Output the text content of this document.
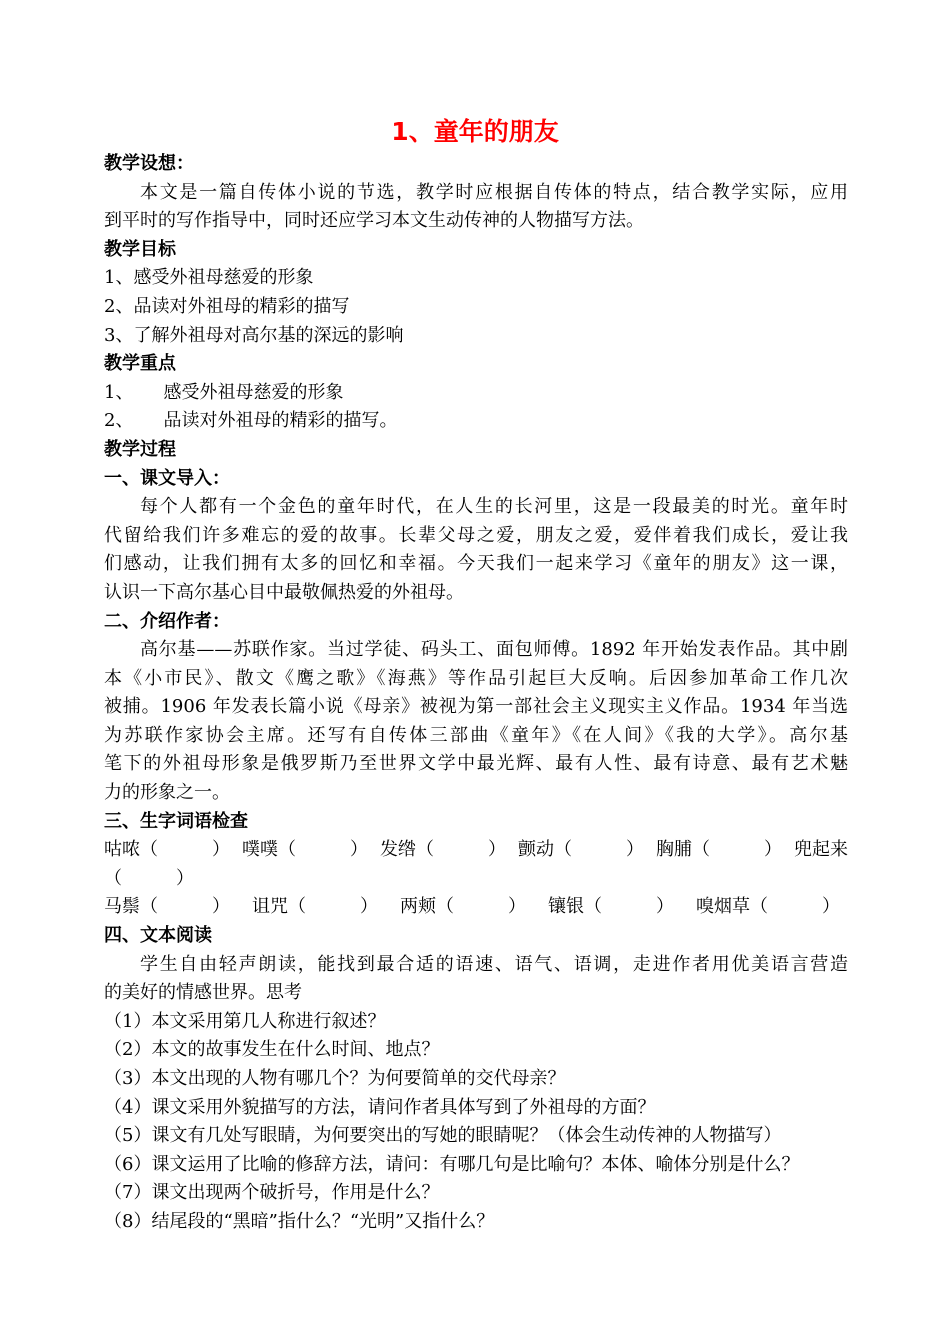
1、童年的朋友
教学设想：
本文是一篇自传体小说的节选，教学时应根据自传体的特点，结合教学实际，应用
到平时的写作指导中，同时还应学习本文生动传神的人物描写方法。
教学目标
1、感受外祖母慈爱的形象
2、品读对外祖母的精彩的描写
3、了解外祖母对高尔基的深远的影响
教学重点
1、 感受外祖母慈爱的形象
2、 品读对外祖母的精彩的描写。
教学过程
一、课文导入：
每个人都有一个金色的童年时代，在人生的长河里，这是一段最美的时光。童年时
代留给我们许多难忘的爱的故事。长辈父母之爱，朋友之爱，爱伴着我们成长，爱让我
们感动，让我们拥有太多的回忆和幸福。今天我们一起来学习《童年的朋友》这一课，
认识一下高尔基心目中最敬佩热爱的外祖母。
二、介绍作者：
高尔基——苏联作家。当过学徒、码头工、面包师傅。1892 年开始发表作品。其中剧
本《小市民》、散文《鹰之歌》《海燕》等作品引起巨大反响。后因参加革命工作几次
被捕。1906 年发表长篇小说《母亲》被视为第一部社会主义现实主义作品。1934 年当选
为苏联作家协会主席。还写有自传体三部曲《童年》《在人间》《我的大学》。高尔基
笔下的外祖母形象是俄罗斯乃至世界文学中最光辉、最有人性、最有诗意、最有艺术魅
力的形象之一。
三、生字词语检查
咕哝（　　　） 噗噗（　　　） 发绺（　　　） 颤动（　　　） 胸脯（　　　） 兜起来
（　　　）
马鬃（　　　） 诅咒（　　　） 两颊（　　　） 镶银（　　　） 嗅烟草（　　　）
四、文本阅读
学生自由轻声朗读，能找到最合适的语速、语气、语调，走进作者用优美语言营造
的美好的情感世界。思考
（1）本文采用第几人称进行叙述？
（2）本文的故事发生在什么时间、地点？
（3）本文出现的人物有哪几个？为何要简单的交代母亲？
（4）课文采用外貌描写的方法，请问作者具体写到了外祖母的方面？
（5）课文有几处写眼睛，为何要突出的写她的眼睛呢？（体会生动传神的人物描写）
（6）课文运用了比喻的修辞方法，请问：有哪几句是比喻句？本体、喻体分别是什么？
（7）课文出现两个破折号，作用是什么？
（8）结尾段的“黑暗”指什么？“光明”又指什么？
